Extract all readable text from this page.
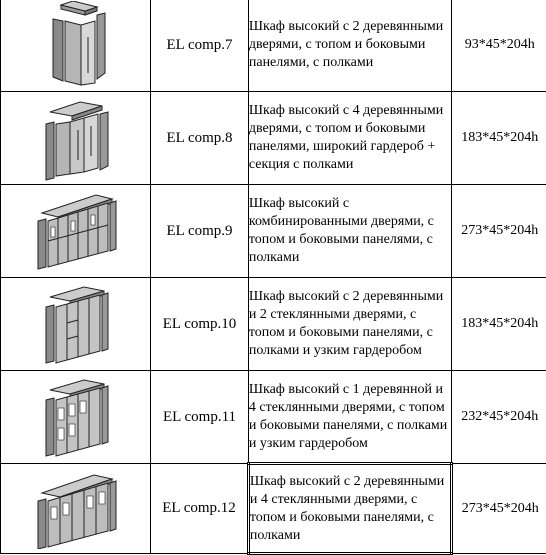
	EL comp.7	Шкаф высокий с 2 деревянными дверями, с топом и боковыми панелями, с полками	93*45*204h

	EL comp.8	Шкаф высокий с 4 деревянными дверями, с топом и боковыми панелями, широкий гардероб + секция с полками	183*45*204h

	EL comp.9	Шкаф высокий с комбинированными дверями, с топом и боковыми панелями, с полками	273*45*204h

	EL comp.10	Шкаф высокий с 2 деревянными и 2 стеклянными дверями, с топом и боковыми панелями, с полками и узким гардеробом	183*45*204h

	EL comp.11	Шкаф высокий с 1 деревянной и 4 стеклянными дверями, с топом и боковыми панелями, с полками и узким гардеробом	232*45*204h

	EL comp.12	Шкаф высокий с 2 деревянными и 4 стеклянными дверями, с топом и боковыми панелями, с полками	273*45*204h
